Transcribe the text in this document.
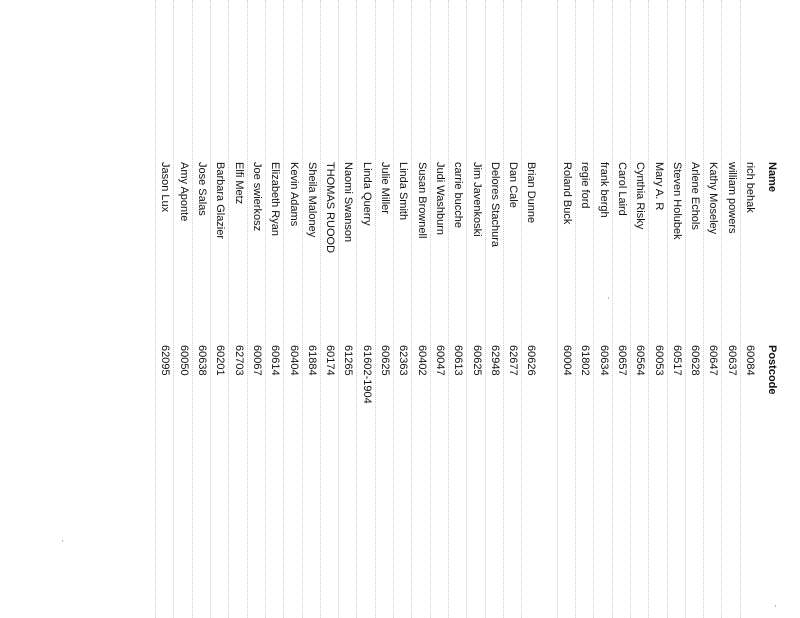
Name
Postcode
rich behak
60084
william powers
60637
Kathy Moseley
60647
Arlene Echols
60628
Steven Holubek
60517
Mary A. R
60053
Cynthia Risky
60564
Carol Laird
60657
frank bergh
60634
regie ford
61802
Roland Buck
60004
Brian Dunne
60626
Dan Cale
62677
Delores Stachura
62948
Jim Javenkoski
60625
carrie bucche
60613
Judi Washburn
60047
Susan Brownell
60402
Linda Smith
62363
Julie Miller
60625
Linda Querry
61602-1904
Naomi Swanson
61265
THOMAS RUOOD
60174
Sheila Maloney
61884
Kevin Adams
60404
Elizabeth Ryan
60614
Joe swierkosz
60067
Elfi Metz
62703
Barbara Glazier
60201
Jose Salas
60638
Amy Aponte
60050
Jason Lux
62095
